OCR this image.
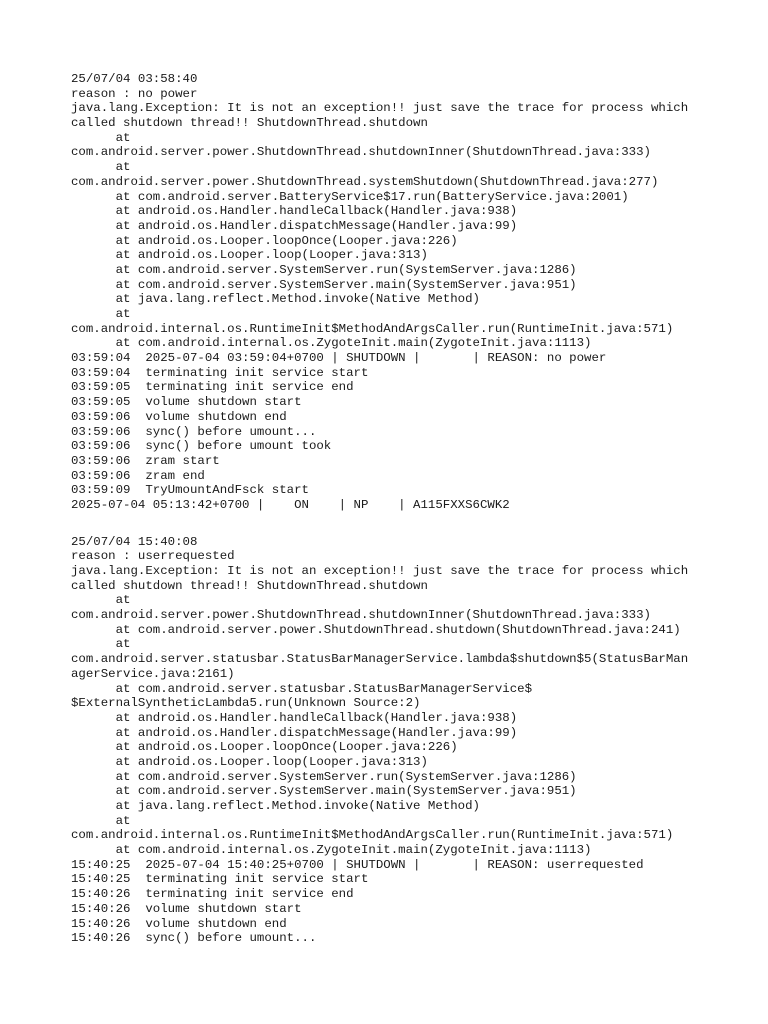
25/07/04 03:58:40
reason : no power
java.lang.Exception: It is not an exception!! just save the trace for process which
called shutdown thread!! ShutdownThread.shutdown
at
com.android.server.power.ShutdownThread.shutdownInner(ShutdownThread.java:333)
at
com.android.server.power.ShutdownThread.systemShutdown(ShutdownThread.java:277)
at com.android.server.BatteryService$17.run(BatteryService.java:2001)
at android.os.Handler.handleCallback(Handler.java:938)
at android.os.Handler.dispatchMessage(Handler.java:99)
at android.os.Looper.loopOnce(Looper.java:226)
at android.os.Looper.loop(Looper.java:313)
at com.android.server.SystemServer.run(SystemServer.java:1286)
at com.android.server.SystemServer.main(SystemServer.java:951)
at java.lang.reflect.Method.invoke(Native Method)
at
com.android.internal.os.RuntimeInit$MethodAndArgsCaller.run(RuntimeInit.java:571)
at com.android.internal.os.ZygoteInit.main(ZygoteInit.java:1113)
03:59:04  2025-07-04 03:59:04+0700 | SHUTDOWN |       | REASON: no power
03:59:04  terminating init service start
03:59:05  terminating init service end
03:59:05  volume shutdown start
03:59:06  volume shutdown end
03:59:06  sync() before umount...
03:59:06  sync() before umount took
03:59:06  zram start
03:59:06  zram end
03:59:09  TryUmountAndFsck start
2025-07-04 05:13:42+0700 |    ON    | NP    | A115FXXS6CWK2
25/07/04 15:40:08
reason : userrequested
java.lang.Exception: It is not an exception!! just save the trace for process which
called shutdown thread!! ShutdownThread.shutdown
at
com.android.server.power.ShutdownThread.shutdownInner(ShutdownThread.java:333)
at com.android.server.power.ShutdownThread.shutdown(ShutdownThread.java:241)
at
com.android.server.statusbar.StatusBarManagerService.lambda$shutdown$5(StatusBarMan
agerService.java:2161)
at com.android.server.statusbar.StatusBarManagerService$
$ExternalSyntheticLambda5.run(Unknown Source:2)
at android.os.Handler.handleCallback(Handler.java:938)
at android.os.Handler.dispatchMessage(Handler.java:99)
at android.os.Looper.loopOnce(Looper.java:226)
at android.os.Looper.loop(Looper.java:313)
at com.android.server.SystemServer.run(SystemServer.java:1286)
at com.android.server.SystemServer.main(SystemServer.java:951)
at java.lang.reflect.Method.invoke(Native Method)
at
com.android.internal.os.RuntimeInit$MethodAndArgsCaller.run(RuntimeInit.java:571)
at com.android.internal.os.ZygoteInit.main(ZygoteInit.java:1113)
15:40:25  2025-07-04 15:40:25+0700 | SHUTDOWN |       | REASON: userrequested
15:40:25  terminating init service start
15:40:26  terminating init service end
15:40:26  volume shutdown start
15:40:26  volume shutdown end
15:40:26  sync() before umount...
